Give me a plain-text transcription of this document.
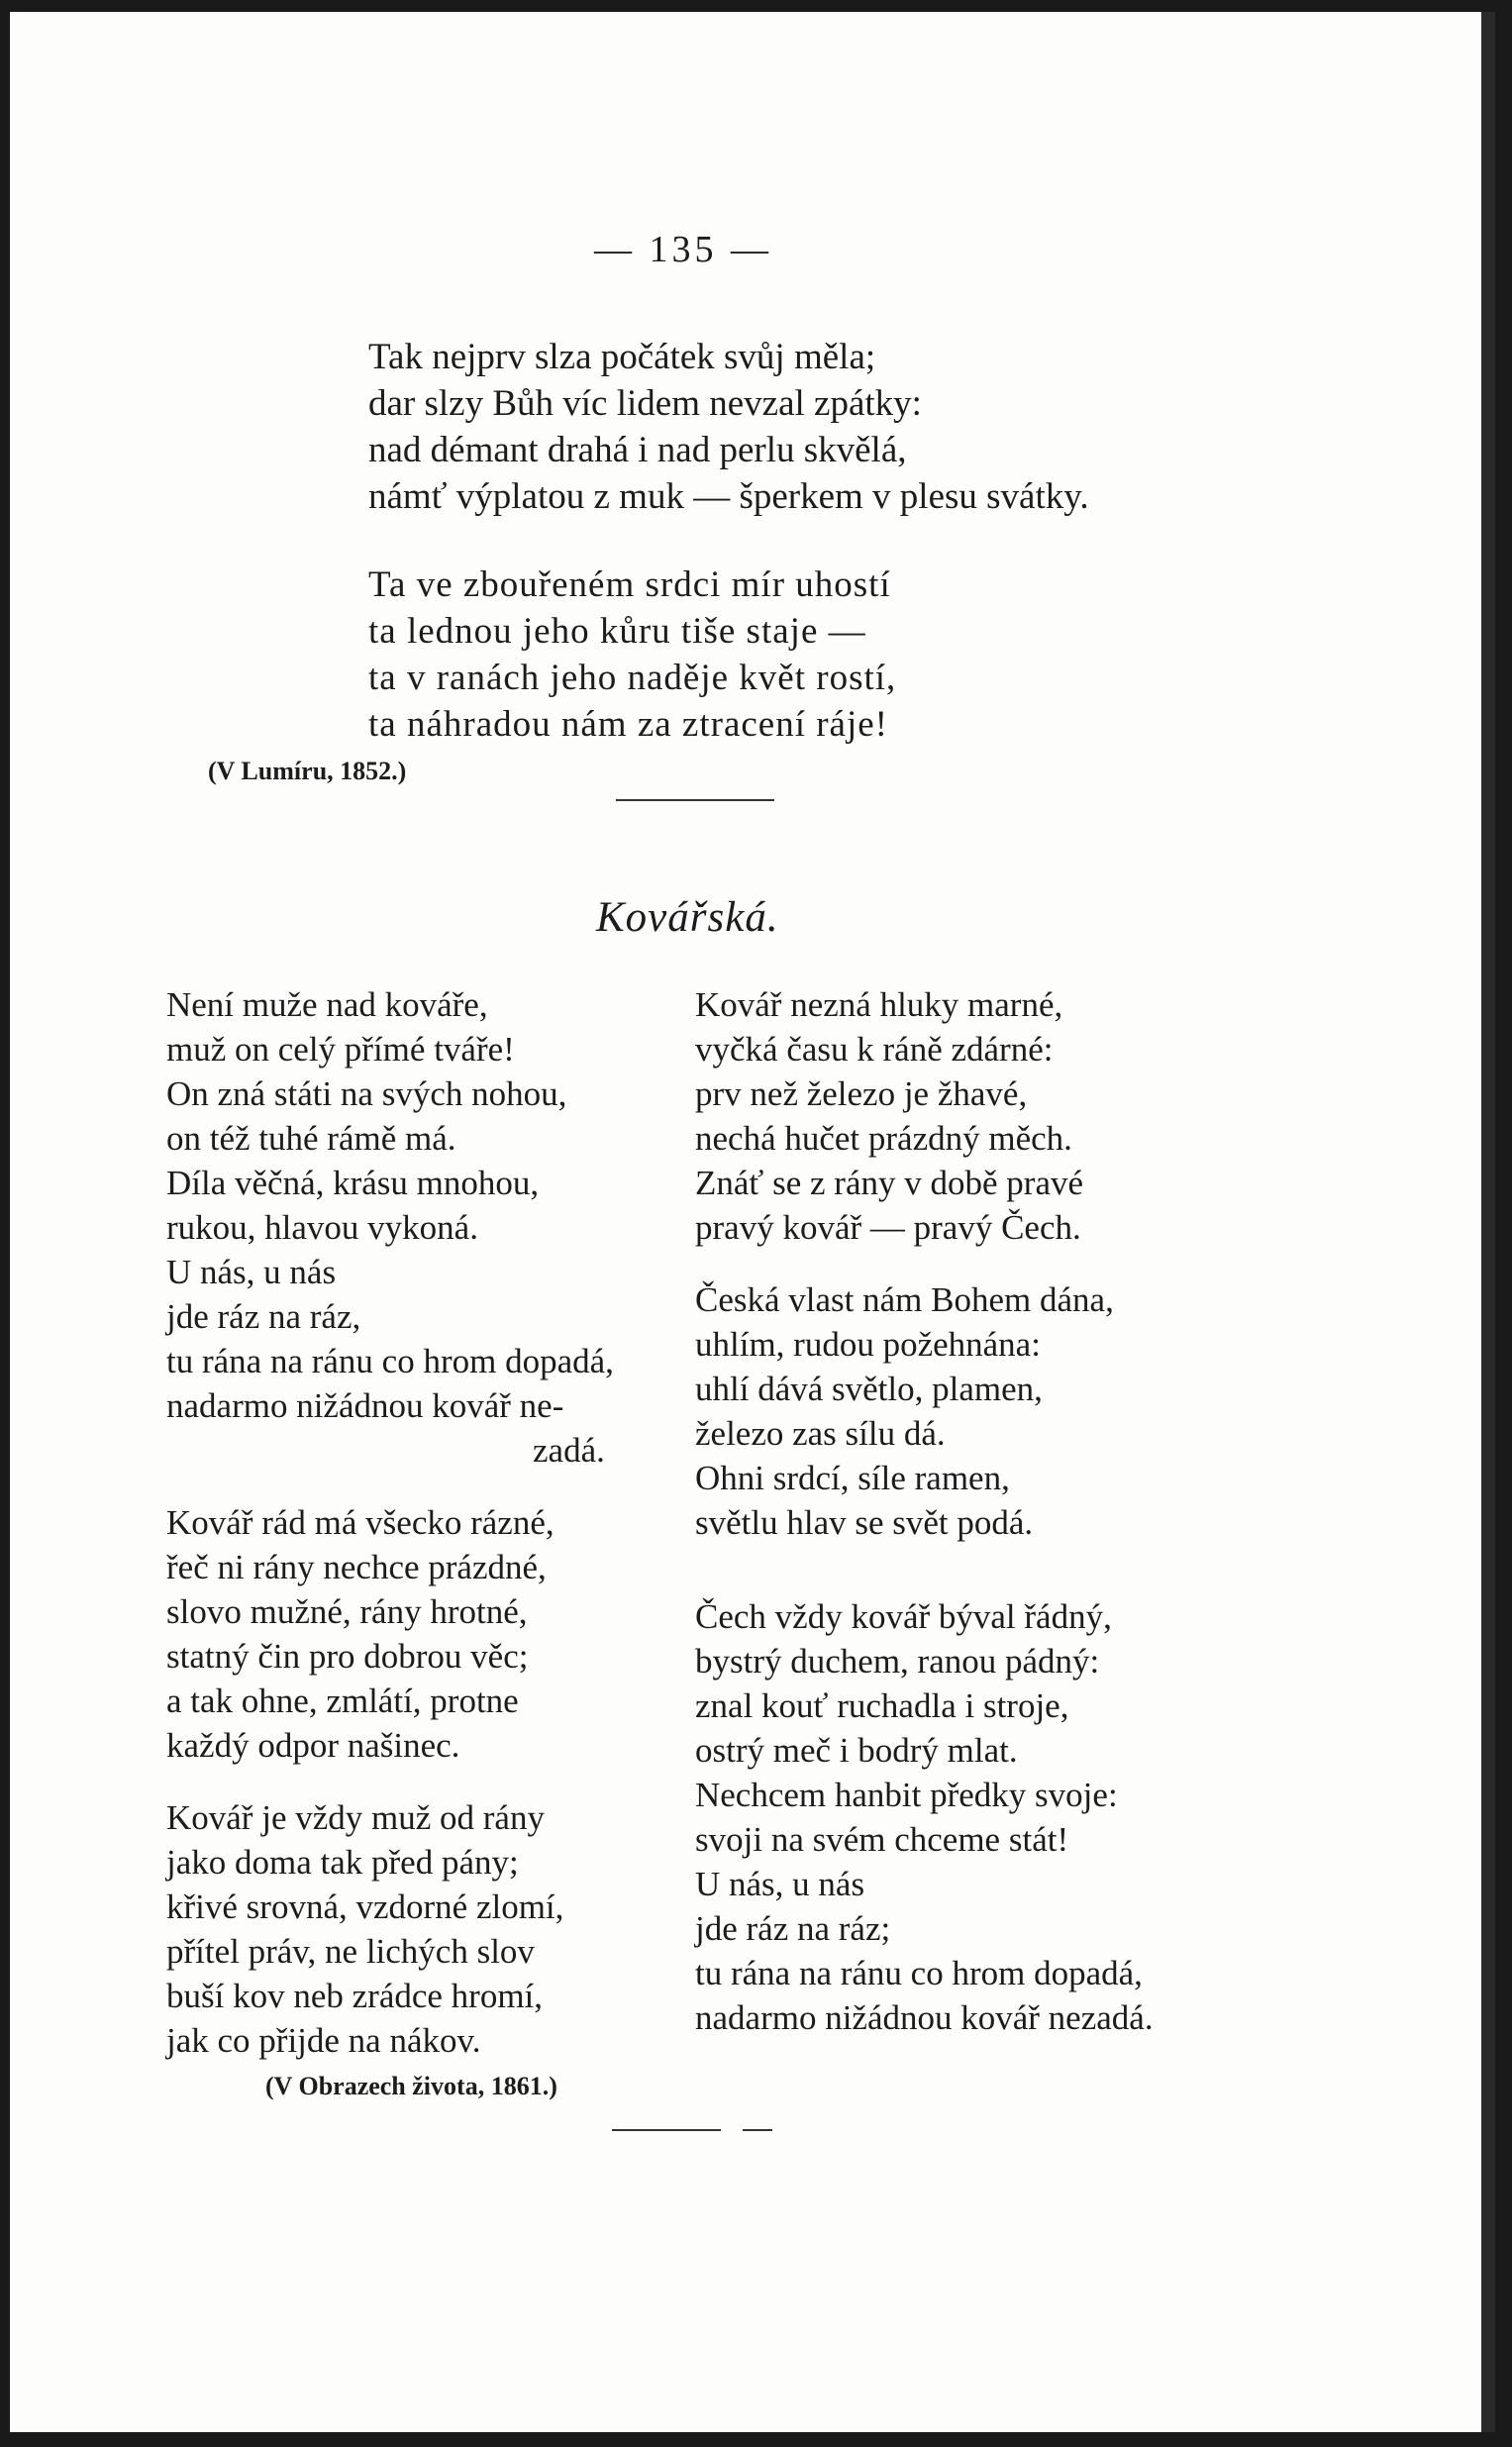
— 135 —
Tak nejprv slza počátek svůj měla;
dar slzy Bůh víc lidem nevzal zpátky:
nad démant drahá i nad perlu skvělá,
námť výplatou z muk — šperkem v plesu svátky.
Ta ve zbouřeném srdci mír uhostí
ta lednou jeho kůru tiše staje —
ta v ranách jeho naděje květ rostí,
ta náhradou nám za ztracení ráje!
(V Lumíru, 1852.)
Kovářská.
Není muže nad kováře,
muž on celý přímé tváře!
On zná státi na svých nohou,
on též tuhé rámě má.
Díla věčná, krásu mnohou,
rukou, hlavou vykoná.
U nás, u nás
jde ráz na ráz,
tu rána na ránu co hrom dopadá,
nadarmo nižádnou kovář ne-
zadá.
Kovář rád má všecko rázné,
řeč ni rány nechce prázdné,
slovo mužné, rány hrotné,
statný čin pro dobrou věc;
a tak ohne, zmlátí, protne
každý odpor našinec.
Kovář je vždy muž od rány
jako doma tak před pány;
křivé srovná, vzdorné zlomí,
přítel práv, ne lichých slov
buší kov neb zrádce hromí,
jak co přijde na nákov.
Kovář nezná hluky marné,
vyčká času k ráně zdárné:
prv než železo je žhavé,
nechá hučet prázdný měch.
Znáť se z rány v době pravé
pravý kovář — pravý Čech.
Česká vlast nám Bohem dána,
uhlím, rudou požehnána:
uhlí dává světlo, plamen,
železo zas sílu dá.
Ohni srdcí, síle ramen,
světlu hlav se svět podá.
Čech vždy kovář býval řádný,
bystrý duchem, ranou pádný:
znal kouť ruchadla i stroje,
ostrý meč i bodrý mlat.
Nechcem hanbit předky svoje:
svoji na svém chceme stát!
U nás, u nás
jde ráz na ráz;
tu rána na ránu co hrom dopadá,
nadarmo nižádnou kovář nezadá.
(V Obrazech života, 1861.)
